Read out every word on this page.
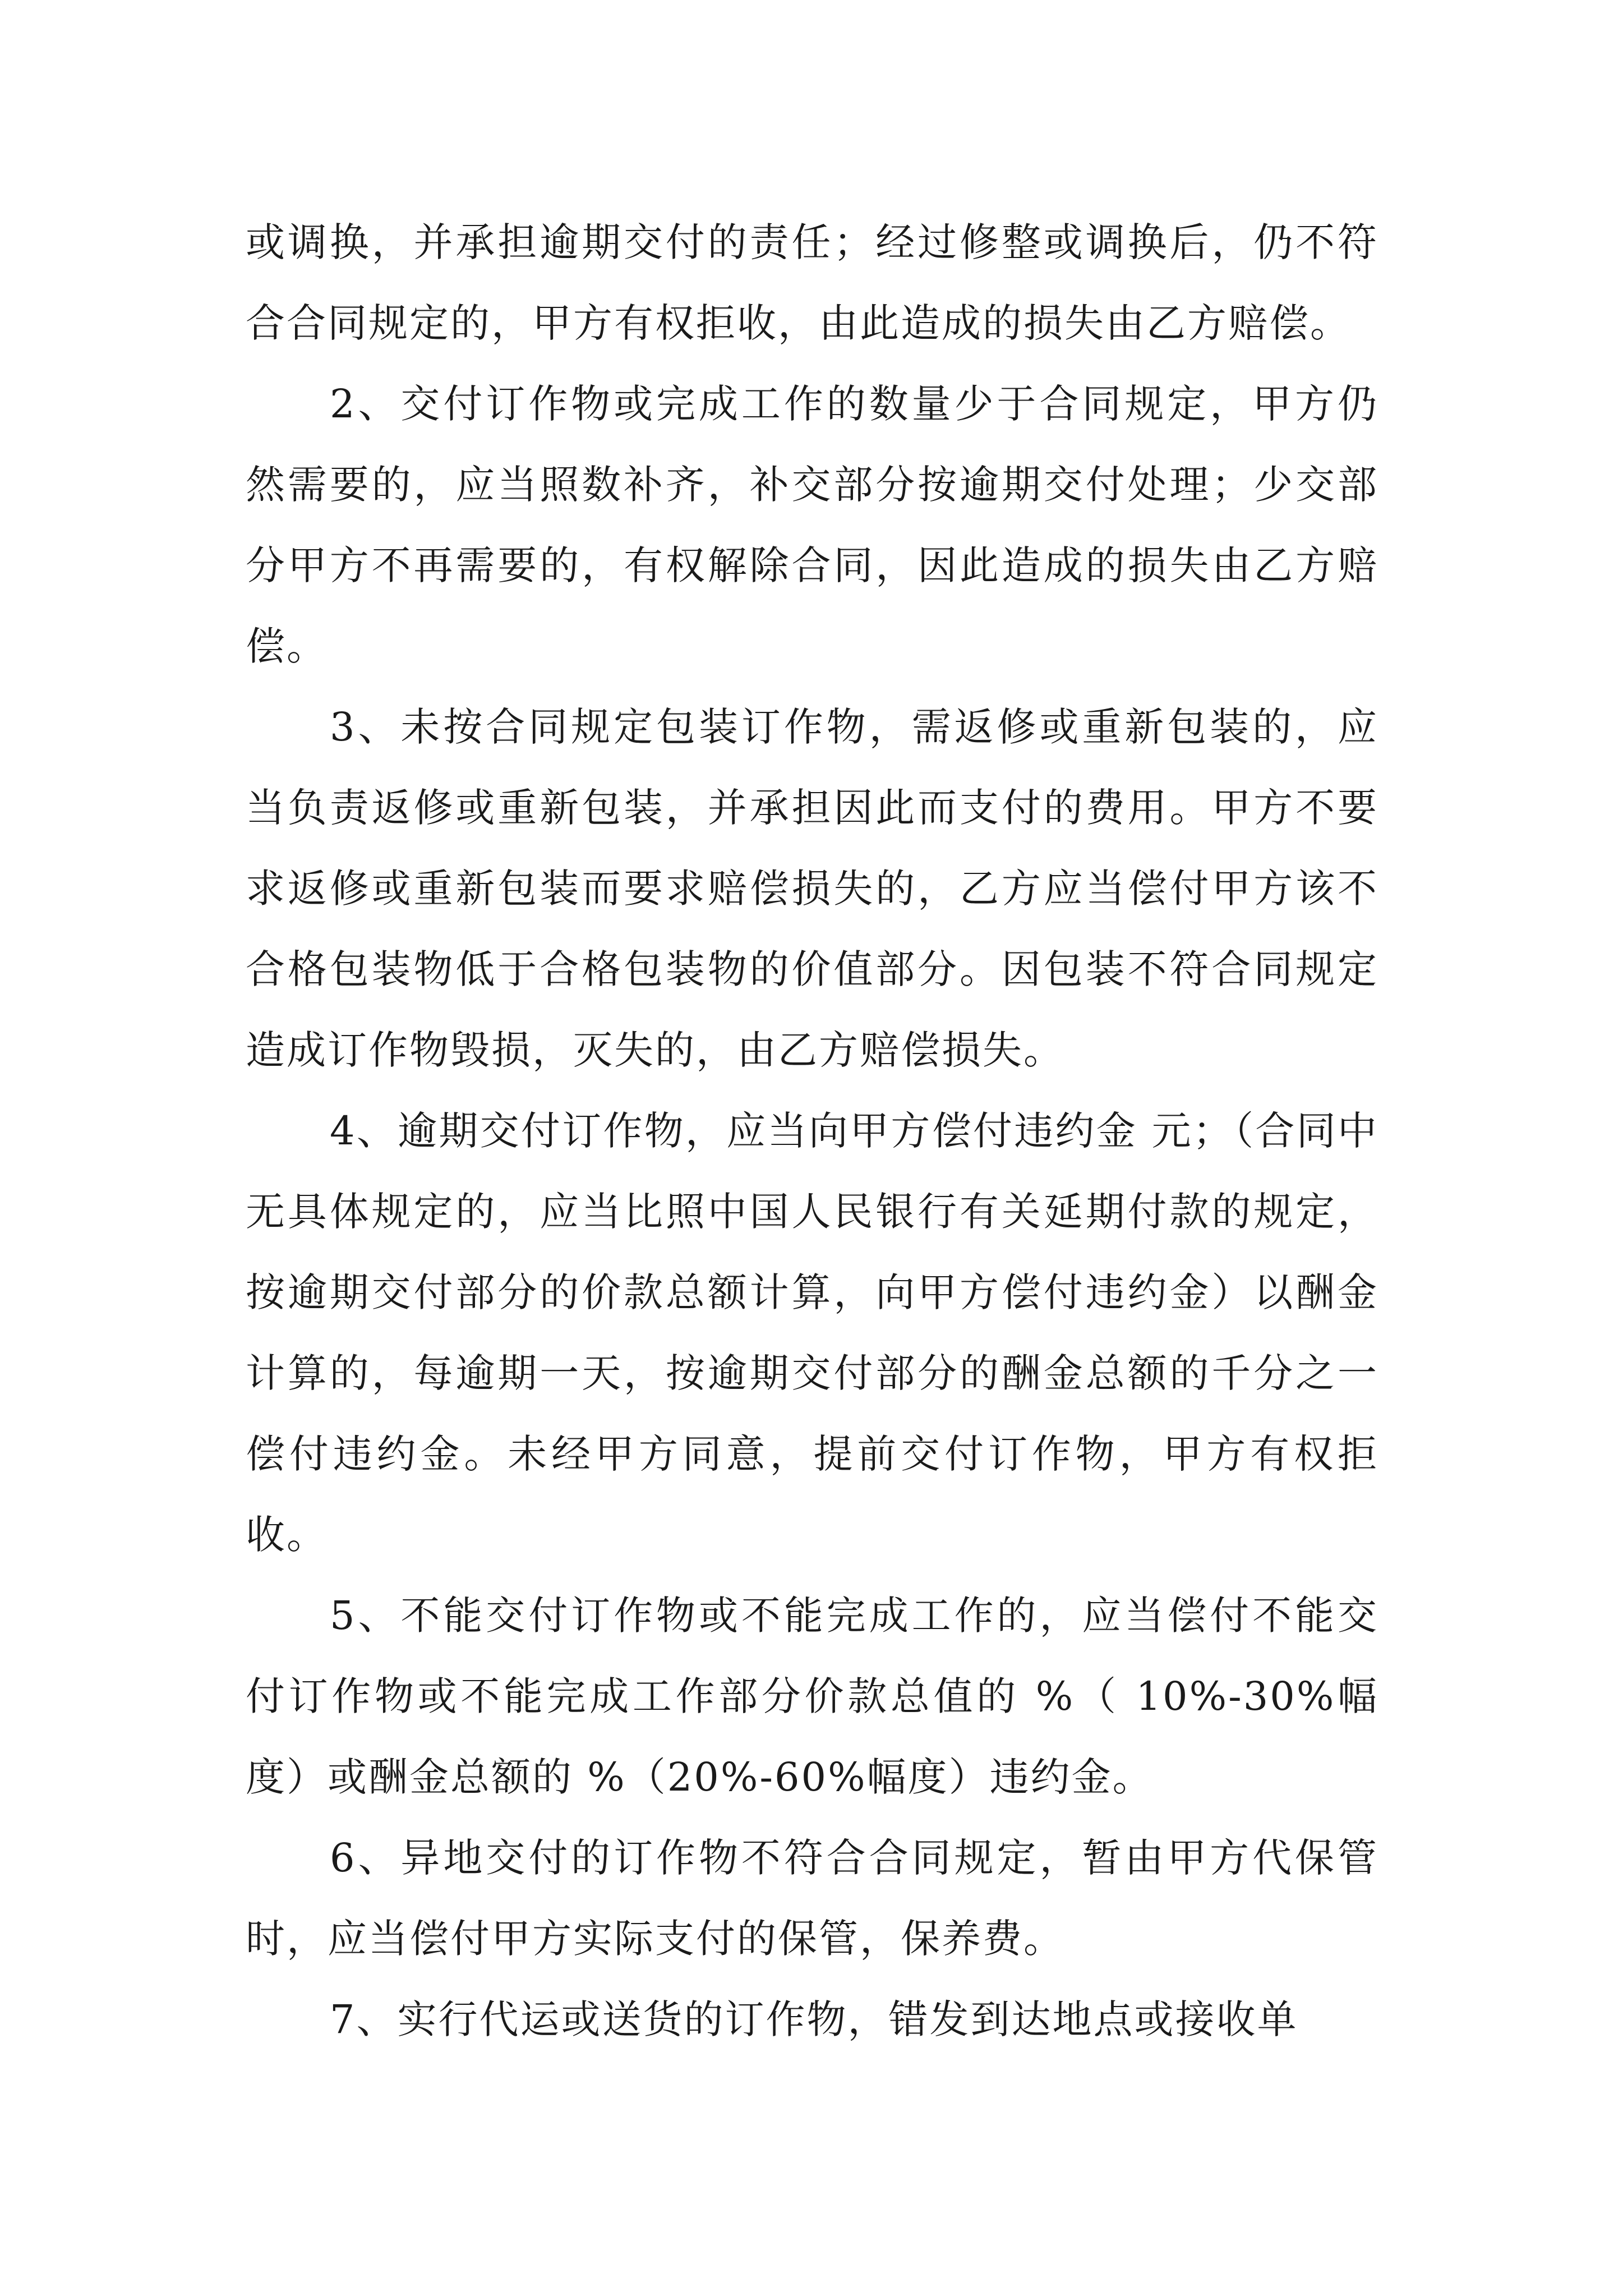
或调换，并承担逾期交付的责任；经过修整或调换后，仍不符合合同规定的，甲方有权拒收，由此造成的损失由乙方赔偿。

2、交付订作物或完成工作的数量少于合同规定，甲方仍然需要的，应当照数补齐，补交部分按逾期交付处理；少交部分甲方不再需要的，有权解除合同，因此造成的损失由乙方赔偿。

3、未按合同规定包装订作物，需返修或重新包装的，应当负责返修或重新包装，并承担因此而支付的费用。甲方不要求返修或重新包装而要求赔偿损失的，乙方应当偿付甲方该不合格包装物低于合格包装物的价值部分。因包装不符合同规定造成订作物毁损，灭失的，由乙方赔偿损失。

4、逾期交付订作物，应当向甲方偿付违约金 元；（合同中无具体规定的，应当比照中国人民银行有关延期付款的规定，按逾期交付部分的价款总额计算，向甲方偿付违约金）以酬金计算的，每逾期一天，按逾期交付部分的酬金总额的千分之一偿付违约金。未经甲方同意，提前交付订作物，甲方有权拒收。

5、不能交付订作物或不能完成工作的，应当偿付不能交付订作物或不能完成工作部分价款总值的 %（ 10%-30%幅度）或酬金总额的 %（20%-60%幅度）违约金。

6、异地交付的订作物不符合合同规定，暂由甲方代保管时，应当偿付甲方实际支付的保管，保养费。

7、实行代运或送货的订作物，错发到达地点或接收单
